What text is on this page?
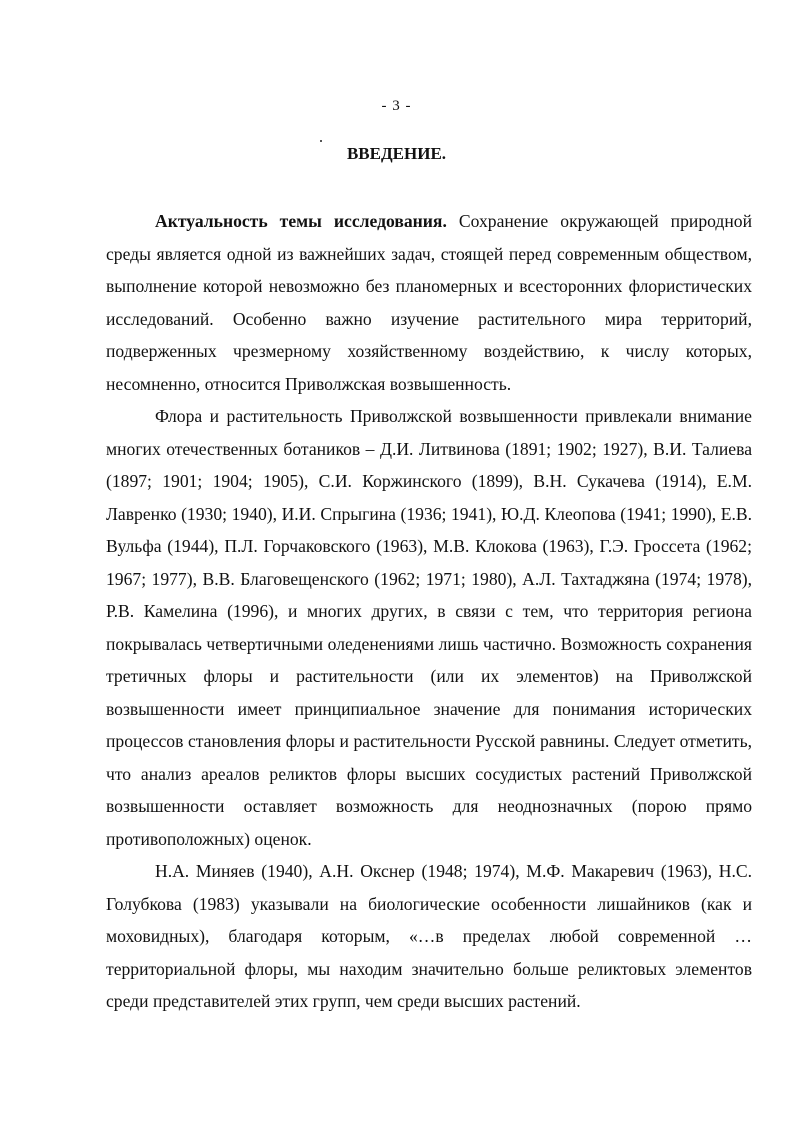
- 3 -
ВВЕДЕНИЕ.

Актуальность темы исследования. Сохранение окружающей природной среды является одной из важнейших задач, стоящей перед современным обществом, выполнение которой невозможно без планомерных и всесторонних флористических исследований. Особенно важно изучение растительного мира территорий, подверженных чрезмерному хозяйственному воздействию, к числу которых, несомненно, относится Приволжская возвышенность.

Флора и растительность Приволжской возвышенности привлекали внимание многих отечественных ботаников – Д.И. Литвинова (1891; 1902; 1927), В.И. Талиева (1897; 1901; 1904; 1905), С.И. Коржинского (1899), В.Н. Сукачева (1914), Е.М. Лавренко (1930; 1940), И.И. Спрыгина (1936; 1941), Ю.Д. Клеопова (1941; 1990), Е.В. Вульфа (1944), П.Л. Горчаковского (1963), М.В. Клокова (1963), Г.Э. Гроссета (1962; 1967; 1977), В.В. Благовещенского (1962; 1971; 1980), А.Л. Тахтаджяна (1974; 1978), Р.В. Камелина (1996), и многих других, в связи с тем, что территория региона покрывалась четвертичными оледенениями лишь частично. Возможность сохранения третичных флоры и растительности (или их элементов) на Приволжской возвышенности имеет принципиальное значение для понимания исторических процессов становления флоры и растительности Русской равнины. Следует отметить, что анализ ареалов реликтов флоры высших сосудистых растений Приволжской возвышенности оставляет возможность для неоднозначных (порою прямо противоположных) оценок.

Н.А. Миняев (1940), А.Н. Окснер (1948; 1974), М.Ф. Макаревич (1963), Н.С. Голубкова (1983) указывали на биологические особенности лишайников (как и моховидных), благодаря которым, «…в пределах любой современной … территориальной флоры, мы находим значительно больше реликтовых элементов среди представителей этих групп, чем среди высших растений.
